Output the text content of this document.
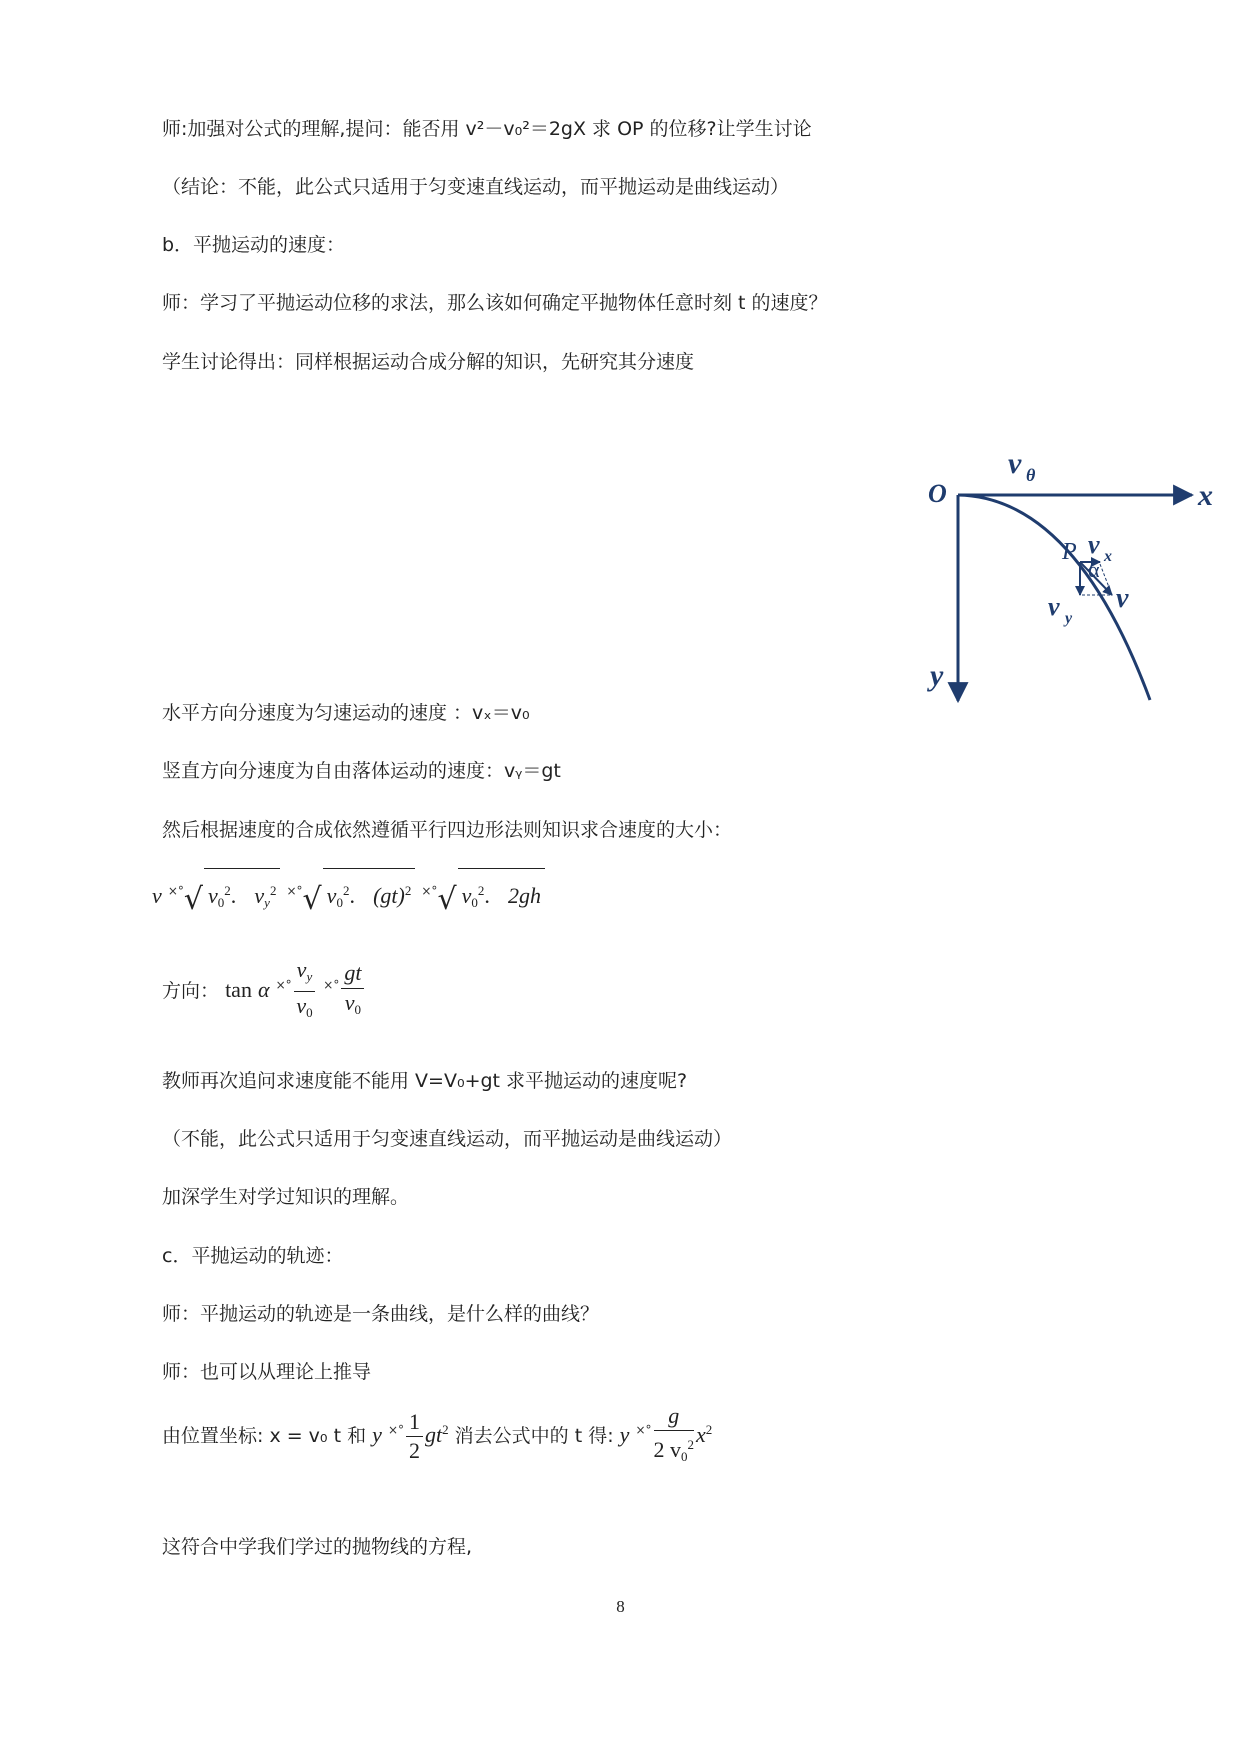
师:加强对公式的理解,提问：能否用 v²－v₀²＝2gX 求 OP 的位移?让学生讨论
（结论：不能，此公式只适用于匀变速直线运动，而平抛运动是曲线运动）
b．平抛运动的速度：
师：学习了平抛运动位移的求法，那么该如何确定平抛物体任意时刻 t 的速度？
学生讨论得出：同样根据运动合成分解的知识，先研究其分速度
O	x
y
v θ
P v x
α
v y
v
水平方向分速度为匀速运动的速度 ：vₓ＝v₀
竖直方向分速度为自由落体运动的速度：vᵧ＝gt
然后根据速度的合成依然遵循平行四边形法则知识求合速度的大小：
v ×°√ $v_0^2$. $v_y^2$ ×°√ $v_0^2$. (gt)$^2$ ×°√ $v_0^2$. 2gh
方向： tan α $^{\times^\circ} \frac{v_y}{v_0} ^{\times^\circ} \frac{gt}{v_0}$
教师再次追问求速度能不能用 V=V₀+gt 求平抛运动的速度呢?
（不能，此公式只适用于匀变速直线运动，而平抛运动是曲线运动）
加深学生对学过知识的理解。
c．平抛运动的轨迹：
师：平抛运动的轨迹是一条曲线，是什么样的曲线？
师：也可以从理论上推导
由位置坐标: x = v₀ t 和 y $^{\times^\circ} \frac{1}{2} gt^2$ 消去公式中的 t 得: y $^{\times^\circ} \frac{g}{2 v_0^2} x^2$
这符合中学我们学过的抛物线的方程,
8
